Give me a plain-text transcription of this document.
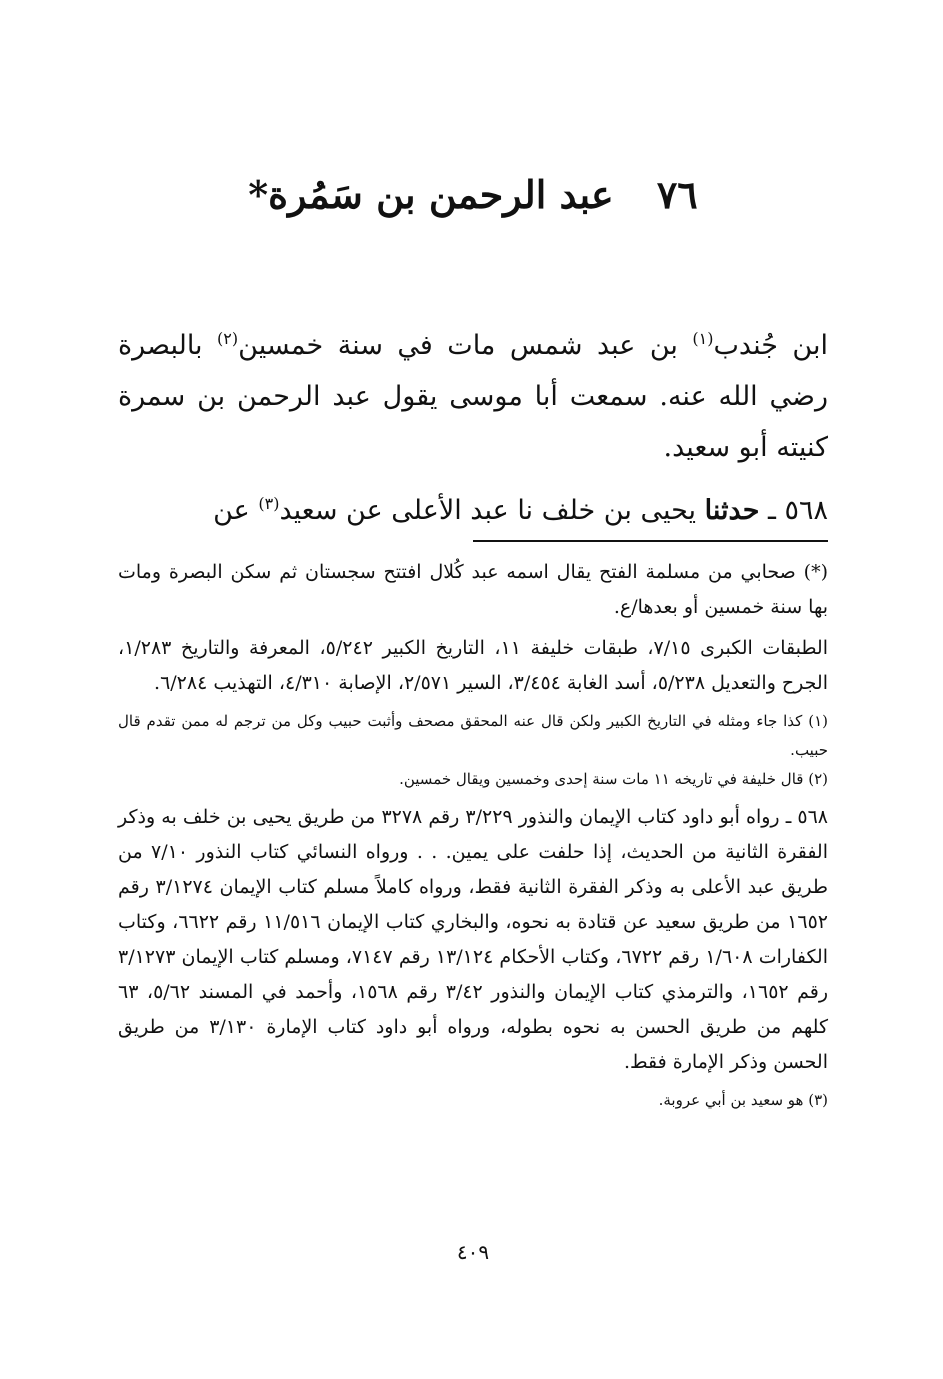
٧٦ عبد الرحمن بن سَمُرة*

ابن جُندب$^{(١)}$ بن عبد شمس مات في سنة خمسين$^{(٢)}$ بالبصرة رضي الله عنه. سمعت أبا موسى يقول عبد الرحمن بن سمرة كنيته أبو سعيد.

٥٦٨ ـ حدثنا يحيى بن خلف نا عبد الأعلى عن سعيد$^{(٣)}$ عن

(*) صحابي من مسلمة الفتح يقال اسمه عبد كُلال افتتح سجستان ثم سكن البصرة ومات بها سنة خمسين أو بعدها/ع.

الطبقات الكبرى ٧/١٥، طبقات خليفة ١١، التاريخ الكبير ٥/٢٤٢، المعرفة والتاريخ ١/٢٨٣، الجرح والتعديل ٥/٢٣٨، أسد الغابة ٣/٤٥٤، السير ٢/٥٧١، الإصابة ٤/٣١٠، التهذيب ٦/٢٨٤.

(١) كذا جاء ومثله في التاريخ الكبير ولكن قال عنه المحقق مصحف وأثبت حبيب وكل من ترجم له ممن تقدم قال حبيب.

(٢) قال خليفة في تاريخه ١١ مات سنة إحدى وخمسين ويقال خمسين.

٥٦٨ ـ رواه أبو داود كتاب الإيمان والنذور ٣/٢٢٩ رقم ٣٢٧٨ من طريق يحيى بن خلف به وذكر الفقرة الثانية من الحديث، إذا حلفت على يمين. . . ورواه النسائي كتاب النذور ٧/١٠ من طريق عبد الأعلى به وذكر الفقرة الثانية فقط، ورواه كاملاً مسلم كتاب الإيمان ٣/١٢٧٤ رقم ١٦٥٢ من طريق سعيد عن قتادة به نحوه، والبخاري كتاب الإيمان ١١/٥١٦ رقم ٦٦٢٢، وكتاب الكفارات ١/٦٠٨ رقم ٦٧٢٢، وكتاب الأحكام ١٣/١٢٤ رقم ٧١٤٧، ومسلم كتاب الإيمان ٣/١٢٧٣ رقم ١٦٥٢، والترمذي كتاب الإيمان والنذور ٣/٤٢ رقم ١٥٦٨، وأحمد في المسند ٥/٦٢، ٦٣ كلهم من طريق الحسن به نحوه بطوله، ورواه أبو داود كتاب الإمارة ٣/١٣٠ من طريق الحسن وذكر الإمارة فقط.

(٣) هو سعيد بن أبي عروبة.

٤٠٩
